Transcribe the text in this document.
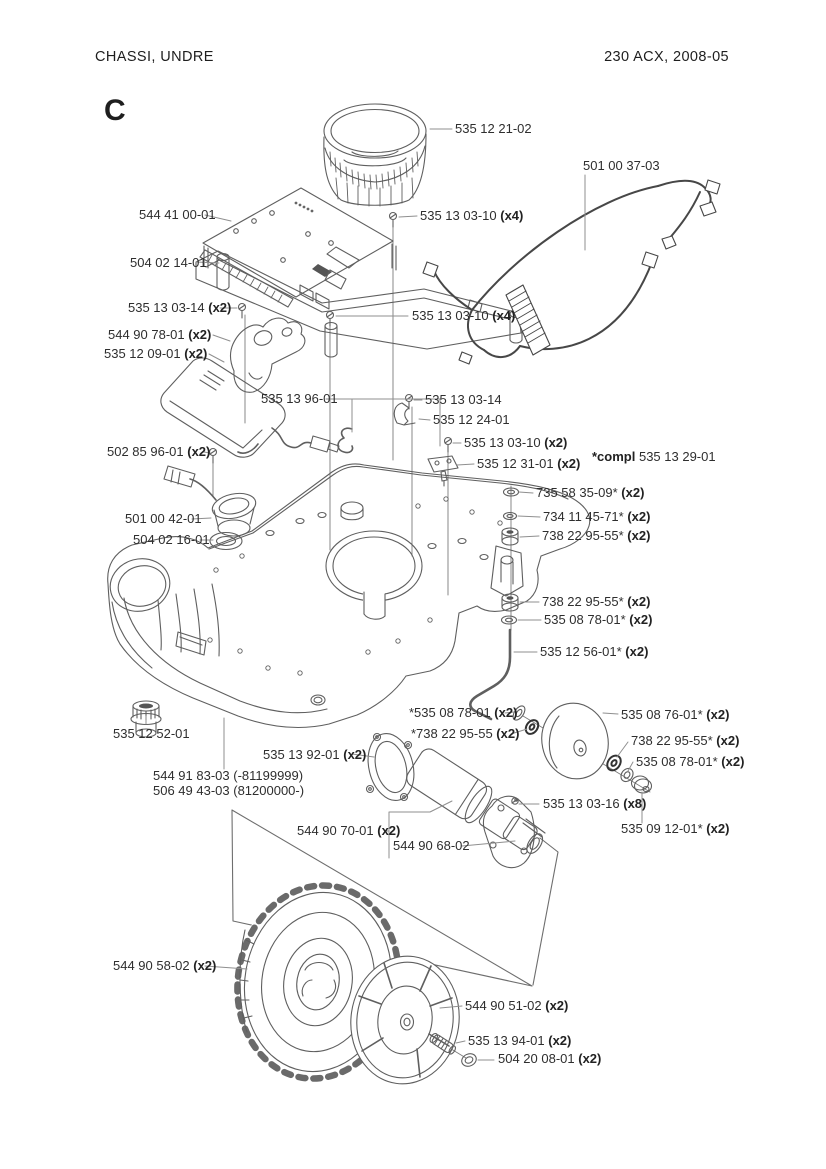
CHASSI, UNDRE	230 ACX, 2008-05
C
535 12 21-02
501 00 37-03
544 41 00-01
504 02 14-01
535 13 03-10 (x4)
535 13 03-10 (x4)
535 13 03-14 (x2)
544 90 78-01 (x2)
535 12 09-01 (x2)
535 13 96-01	535 13 03-14
535 12 24-01
535 13 03-10 (x2)
535 12 31-01 (x2) *compl 535 13 29-01
502 85 96-01 (x2)
735 58 35-09* (x2)
734 11 45-71* (x2)
738 22 95-55* (x2)
501 00 42-01
504 02 16-01
738 22 95-55* (x2)
535 08 78-01* (x2)
535 12 56-01* (x2)
*535 08 78-01 (x2)
*738 22 95-55 (x2)
535 08 76-01* (x2)
738 22 95-55* (x2)
535 08 78-01* (x2)
535 12 52-01
535 13 92-01 (x2)
544 91 83-03 (-81199999)
506 49 43-03 (81200000-)
544 90 70-01 (x2)
544 90 68-02
535 13 03-16 (x8)
535 09 12-01* (x2)
544 90 58-02 (x2)
544 90 51-02 (x2)
535 13 94-01 (x2)
504 20 08-01 (x2)
